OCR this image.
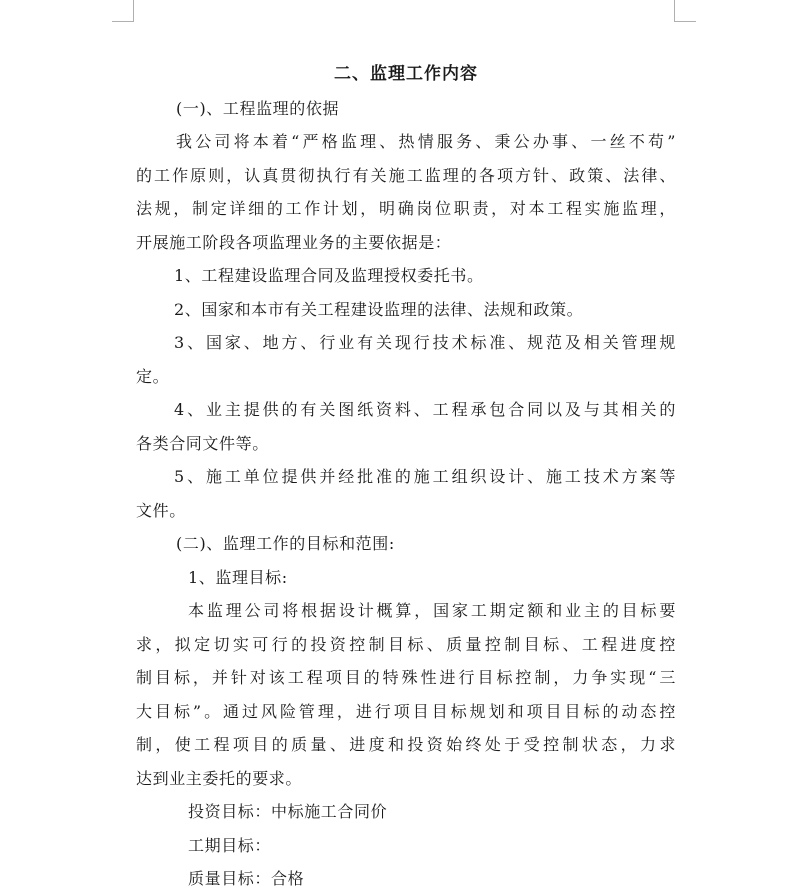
二、监理工作内容
(一)、工程监理的依据
我公司将本着“严格监理、热情服务、秉公办事、一丝不苟”
的工作原则，认真贯彻执行有关施工监理的各项方针、政策、法律、
法规，制定详细的工作计划，明确岗位职责，对本工程实施监理，
开展施工阶段各项监理业务的主要依据是：
1、工程建设监理合同及监理授权委托书。
2、国家和本市有关工程建设监理的法律、法规和政策。
3、国家、地方、行业有关现行技术标准、规范及相关管理规
定。
4、业主提供的有关图纸资料、工程承包合同以及与其相关的
各类合同文件等。
5、施工单位提供并经批准的施工组织设计、施工技术方案等
文件。
(二)、监理工作的目标和范围:
1、监理目标:
本监理公司将根据设计概算，国家工期定额和业主的目标要
求，拟定切实可行的投资控制目标、质量控制目标、工程进度控
制目标，并针对该工程项目的特殊性进行目标控制，力争实现“三
大目标”。通过风险管理，进行项目目标规划和项目目标的动态控
制，使工程项目的质量、进度和投资始终处于受控制状态，力求
达到业主委托的要求。
投资目标：中标施工合同价
工期目标：
质量目标：合格
